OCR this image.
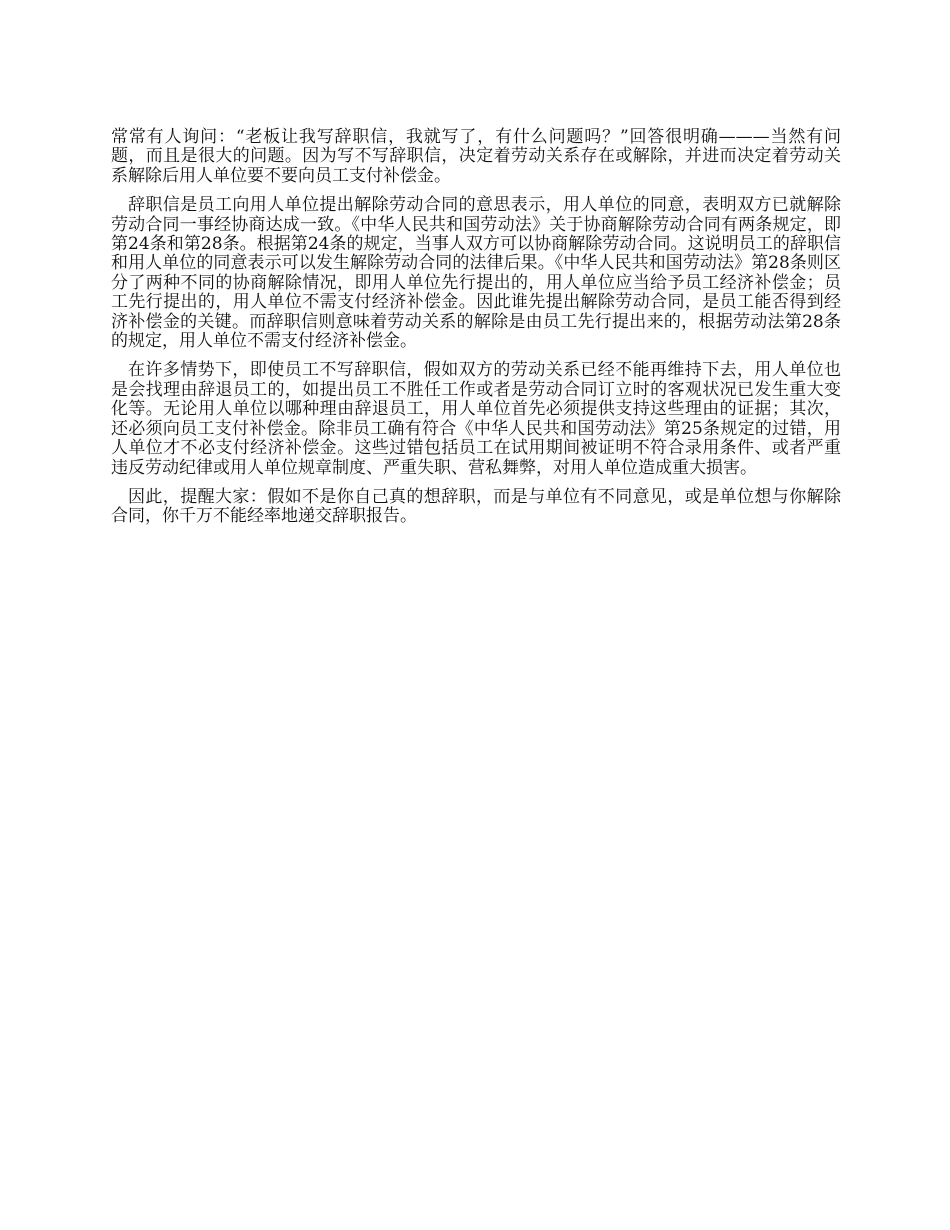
常常有人询问：“老板让我写辞职信，我就写了，有什么问题吗？”回答很明确———当然有问题，而且是很大的问题。因为写不写辞职信，决定着劳动关系存在或解除，并进而决定着劳动关系解除后用人单位要不要向员工支付补偿金。

辞职信是员工向用人单位提出解除劳动合同的意思表示，用人单位的同意，表明双方已就解除劳动合同一事经协商达成一致。《中华人民共和国劳动法》关于协商解除劳动合同有两条规定，即第24条和第28条。根据第24条的规定，当事人双方可以协商解除劳动合同。这说明员工的辞职信和用人单位的同意表示可以发生解除劳动合同的法律后果。《中华人民共和国劳动法》第28条则区分了两种不同的协商解除情况，即用人单位先行提出的，用人单位应当给予员工经济补偿金；员工先行提出的，用人单位不需支付经济补偿金。因此谁先提出解除劳动合同，是员工能否得到经济补偿金的关键。而辞职信则意味着劳动关系的解除是由员工先行提出来的，根据劳动法第28条的规定，用人单位不需支付经济补偿金。

在许多情势下，即使员工不写辞职信，假如双方的劳动关系已经不能再维持下去，用人单位也是会找理由辞退员工的，如提出员工不胜任工作或者是劳动合同订立时的客观状况已发生重大变化等。无论用人单位以哪种理由辞退员工，用人单位首先必须提供支持这些理由的证据；其次，还必须向员工支付补偿金。除非员工确有符合《中华人民共和国劳动法》第25条规定的过错，用人单位才不必支付经济补偿金。这些过错包括员工在试用期间被证明不符合录用条件、或者严重违反劳动纪律或用人单位规章制度、严重失职、营私舞弊，对用人单位造成重大损害。

因此，提醒大家：假如不是你自己真的想辞职，而是与单位有不同意见，或是单位想与你解除合同，你千万不能经率地递交辞职报告。
